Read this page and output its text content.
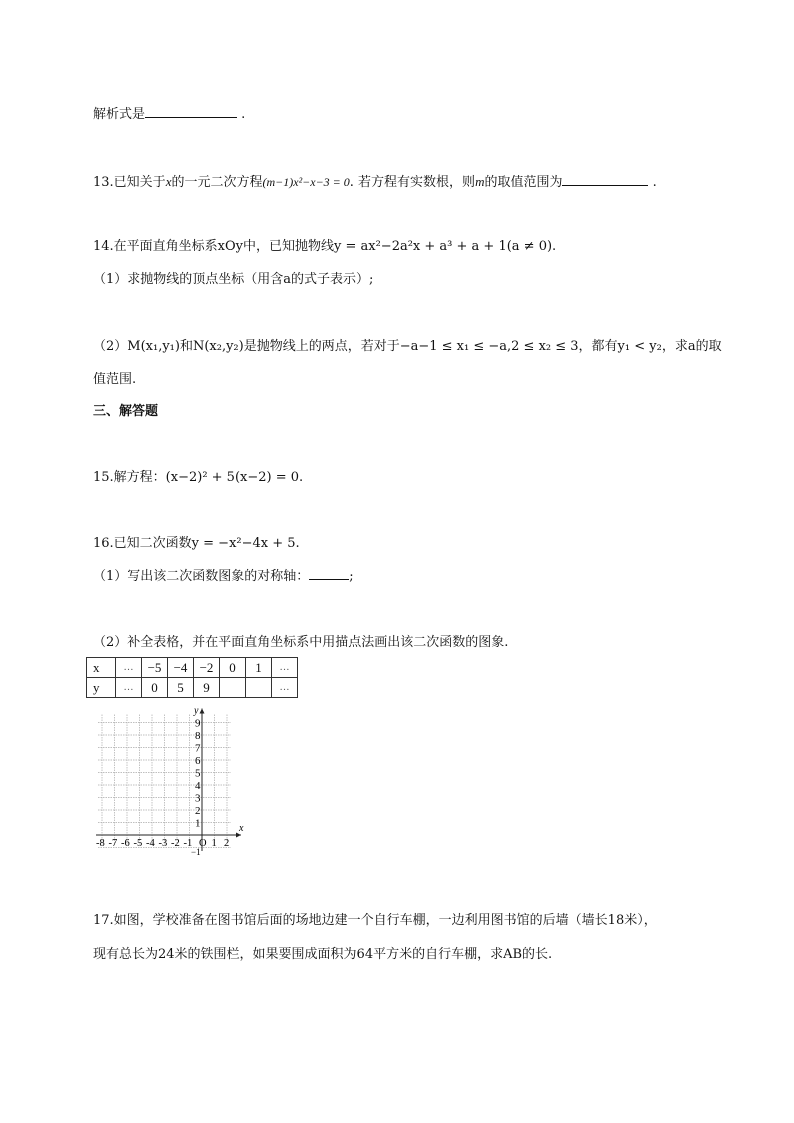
解析式是	.
13.已知关于x的一元二次方程(m−1)x²−x−3 = 0. 若方程有实数根，则m的取值范围为	.
14.在平面直角坐标系xOy中，已知抛物线y = ax²−2a²x + a³ + a + 1(a ≠ 0).
（1）求抛物线的顶点坐标（用含a的式子表示）;
（2）M(x₁,y₁)和N(x₂,y₂)是抛物线上的两点，若对于−a−1 ≤ x₁ ≤ −a,2 ≤ x₂ ≤ 3，都有y₁ < y₂，求a的取
值范围.
三、解答题
15.解方程：(x−2)² + 5(x−2) = 0.
16.已知二次函数y = −x²−4x + 5.
（1）写出该二次函数图象的对称轴：	;
（2）补全表格，并在平面直角坐标系中用描点法画出该二次函数的图象.
x	…	−5	−4	−2	0	1	…
y	…	0	5	9			…
y
x
9
8
7
6
5
4
3
2
1
-8 -7 -6 -5 -4 -3 -2 -1 O 1 2
−1
17.如图，学校准备在图书馆后面的场地边建一个自行车棚，一边利用图书馆的后墙（墙长18米），
现有总长为24米的铁围栏，如果要围成面积为64平方米的自行车棚，求AB的长.
